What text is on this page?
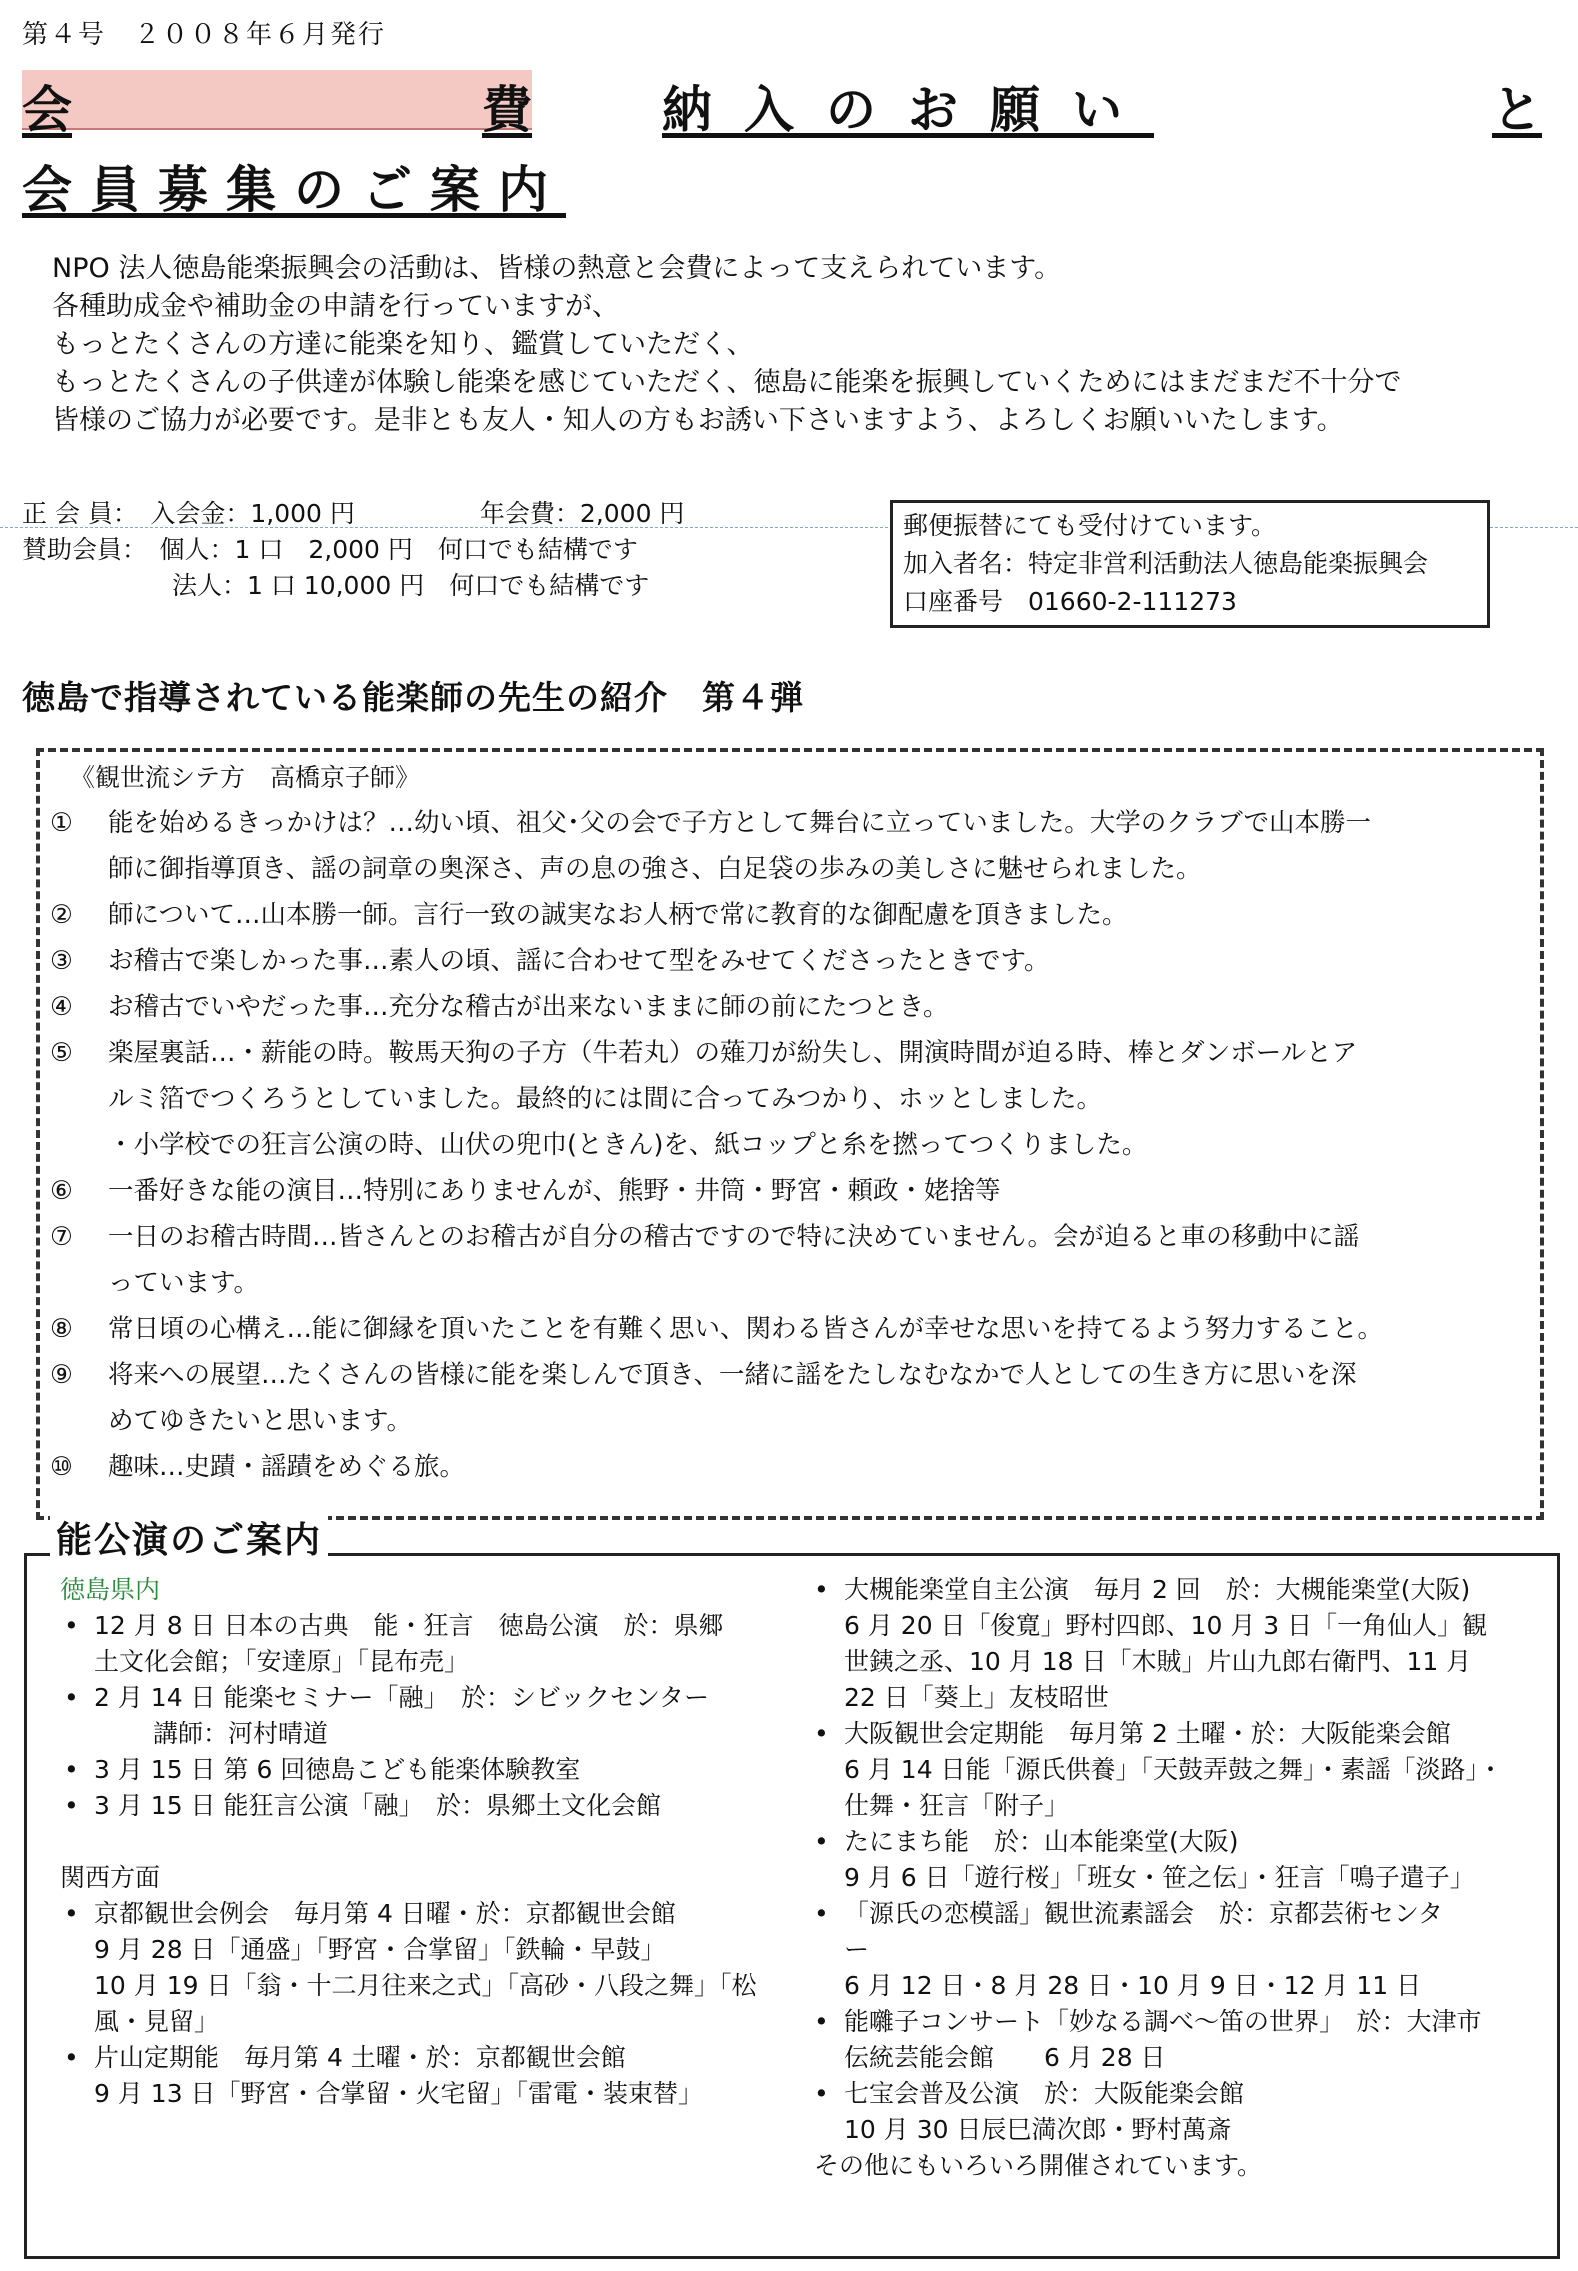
第４号　２００８年６月発行
会	費	納入のお願い	と
会員募集のご案内

NPO 法人徳島能楽振興会の活動は、皆様の熱意と会費によって支えられています。

各種助成金や補助金の申請を行っていますが、

もっとたくさんの方達に能楽を知り、鑑賞していただく、

もっとたくさんの子供達が体験し能楽を感じていただく、徳島に能楽を振興していくためにはまだまだ不十分で

皆様のご協力が必要です。是非とも友人・知人の方もお誘い下さいますよう、よろしくお願いいたします。

正 会 員：　入会金：1,000 円　　　　　年会費：2,000 円
賛助会員：　個人：1 口　2,000 円　何口でも結構です
　　　　　　法人：1 口 10,000 円　何口でも結構です
郵便振替にても受付けています。
加入者名：特定非営利活動法人徳島能楽振興会
口座番号　01660-2-111273
徳島で指導されている能楽師の先生の紹介　第４弾
《観世流シテ方　高橋京子師》
①	能を始めるきっかけは？…幼い頃、祖父･父の会で子方として舞台に立っていました。大学のクラブで山本勝一
師に御指導頂き、謡の詞章の奥深さ、声の息の強さ、白足袋の歩みの美しさに魅せられました。
②	師について…山本勝一師。言行一致の誠実なお人柄で常に教育的な御配慮を頂きました。
③	お稽古で楽しかった事…素人の頃、謡に合わせて型をみせてくださったときです。
④	お稽古でいやだった事…充分な稽古が出来ないままに師の前にたつとき。
⑤	楽屋裏話…・薪能の時。鞍馬天狗の子方（牛若丸）の薙刀が紛失し、開演時間が迫る時、棒とダンボールとア
ルミ箔でつくろうとしていました。最終的には間に合ってみつかり、ホッとしました。
・小学校での狂言公演の時、山伏の兜巾(ときん)を、紙コップと糸を撚ってつくりました。
⑥	一番好きな能の演目…特別にありませんが、熊野・井筒・野宮・頼政・姥捨等
⑦	一日のお稽古時間…皆さんとのお稽古が自分の稽古ですので特に決めていません。会が迫ると車の移動中に謡
っています。
⑧	常日頃の心構え…能に御縁を頂いたことを有難く思い、関わる皆さんが幸せな思いを持てるよう努力すること。
⑨	将来への展望…たくさんの皆様に能を楽しんで頂き、一緒に謡をたしなむなかで人としての生き方に思いを深
めてゆきたいと思います。
⑩	趣味…史蹟・謡蹟をめぐる旅。
能公演のご案内
徳島県内
• 12 月 8 日 日本の古典　能・狂言　徳島公演　於：県郷
土文化会館；「安達原」「昆布売」
• 2 月 14 日 能楽セミナー「融」　於：シビックセンター
　講師：河村晴道
• 3 月 15 日 第 6 回徳島こども能楽体験教室
• 3 月 15 日 能狂言公演「融」　於：県郷土文化会館
関西方面
• 京都観世会例会　毎月第 4 日曜・於：京都観世会館
9 月 28 日「通盛」「野宮・合掌留」「鉄輪・早鼓」
10 月 19 日「翁・十二月往来之式」「高砂・八段之舞」「松
風・見留」
• 片山定期能　毎月第 4 土曜・於：京都観世会館
9 月 13 日「野宮・合掌留・火宅留」「雷電・装束替」
• 大槻能楽堂自主公演　毎月 2 回　於：大槻能楽堂(大阪)
6 月 20 日「俊寛」野村四郎、10 月 3 日「一角仙人」観
世銕之丞、10 月 18 日「木賊」片山九郎右衛門、11 月
22 日「葵上」友枝昭世
• 大阪観世会定期能　毎月第 2 土曜・於：大阪能楽会館
6 月 14 日能「源氏供養」「天鼓弄鼓之舞」・素謡「淡路」・
仕舞・狂言「附子」
• たにまち能　於：山本能楽堂(大阪)
9 月 6 日「遊行桜」「班女・笹之伝」・狂言「鳴子遣子」
• 「源氏の恋模謡」観世流素謡会　於：京都芸術センタ
ー
6 月 12 日・8 月 28 日・10 月 9 日・12 月 11 日
• 能囃子コンサート「妙なる調べ〜笛の世界」　於：大津市
伝統芸能会館　　6 月 28 日
• 七宝会普及公演　於：大阪能楽会館
10 月 30 日辰巳満次郎・野村萬斎
その他にもいろいろ開催されています。
